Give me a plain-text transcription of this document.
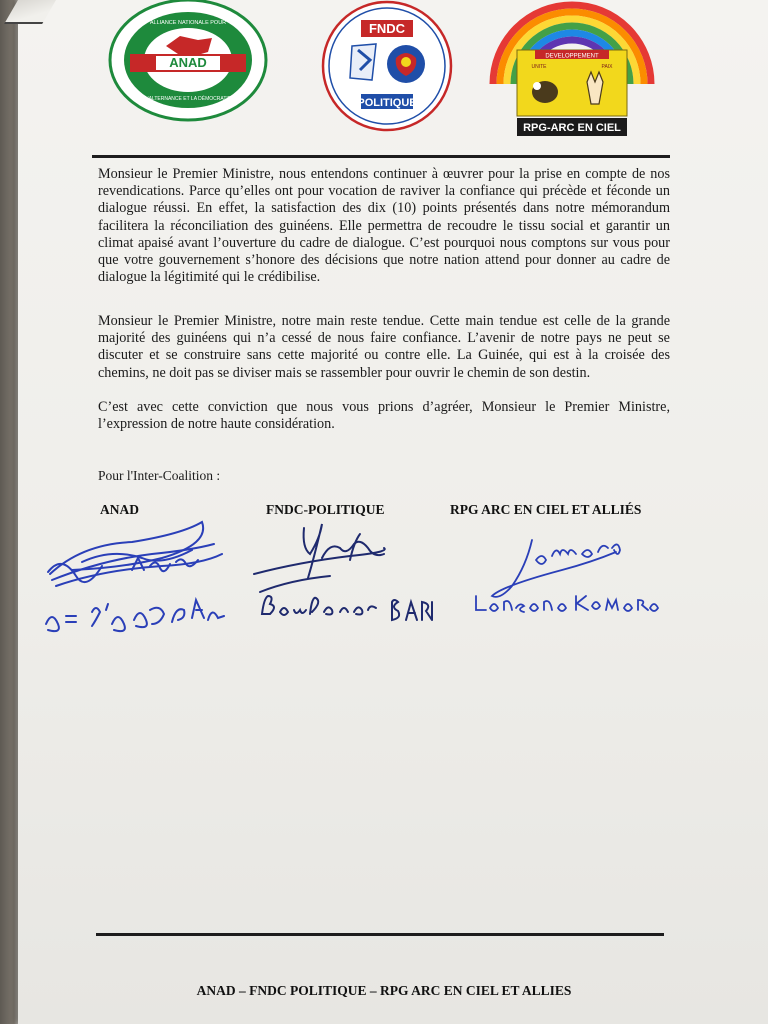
ANAD
ALLIANCE NATIONALE POUR
L'ALTERNANCE ET LA DÉMOCRATIE
FNDC
POLITIQUE
DEVELOPPEMENT
UNITE	PAIX
RPG-ARC EN CIEL

Monsieur le Premier Ministre, nous entendons continuer à œuvrer pour la prise en compte de nos revendications. Parce qu’elles ont pour vocation de raviver la confiance qui précède et féconde un dialogue réussi. En effet, la satisfaction des dix (10) points présentés dans notre mémorandum facilitera la réconciliation des guinéens. Elle permettra de recoudre le tissu social et garantir un climat apaisé avant l’ouverture du cadre de dialogue. C’est pourquoi nous comptons sur vous pour que votre gouvernement s’honore des décisions que notre nation attend pour donner au cadre de dialogue la légitimité qui le crédibilise.

Monsieur le Premier Ministre, notre main reste tendue. Cette main tendue est celle de la grande majorité des guinéens qui n’a cessé de nous faire confiance. L’avenir de notre pays ne peut se discuter et se construire sans cette majorité ou contre elle. La Guinée, qui est à la croisée des chemins, ne doit pas se diviser mais se rassembler pour ouvrir le chemin de son destin.

C’est avec cette conviction que nous vous prions d’agréer, Monsieur le Premier Ministre, l’expression de notre haute considération.

Pour l'Inter-Coalition :

ANAD	FNDC-POLITIQUE	RPG ARC EN CIEL ET ALLIÉS

ANAD – FNDC POLITIQUE – RPG ARC EN CIEL ET ALLIES
